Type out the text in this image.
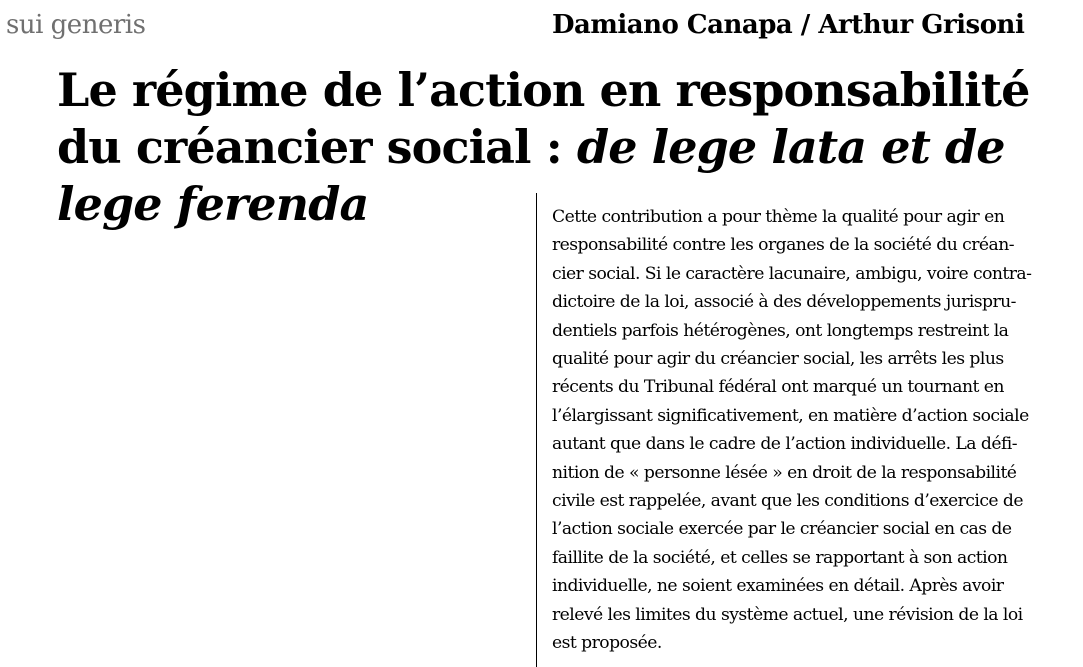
sui generis	Damiano Canapa / Arthur Grisoni
Le régime de l’action en responsabilité
du créancier social : de lege lata et de
lege ferenda	Cette contribution a pour thème la qualité pour agir en
responsabilité contre les organes de la société du créan-
cier social. Si le caractère lacunaire, ambigu, voire contra-
dictoire de la loi, associé à des développements jurispru-
dentiels parfois hétérogènes, ont longtemps restreint la
qualité pour agir du créancier social, les arrêts les plus
récents du Tribunal fédéral ont marqué un tournant en
l’élargissant significativement, en matière d’action sociale
autant que dans le cadre de l’action individuelle. La défi-
nition de « personne lésée » en droit de la responsabilité
civile est rappelée, avant que les conditions d’exercice de
l’action sociale exercée par le créancier social en cas de
faillite de la société, et celles se rapportant à son action
individuelle, ne soient examinées en détail. Après avoir
relevé les limites du système actuel, une révision de la loi
est proposée.
